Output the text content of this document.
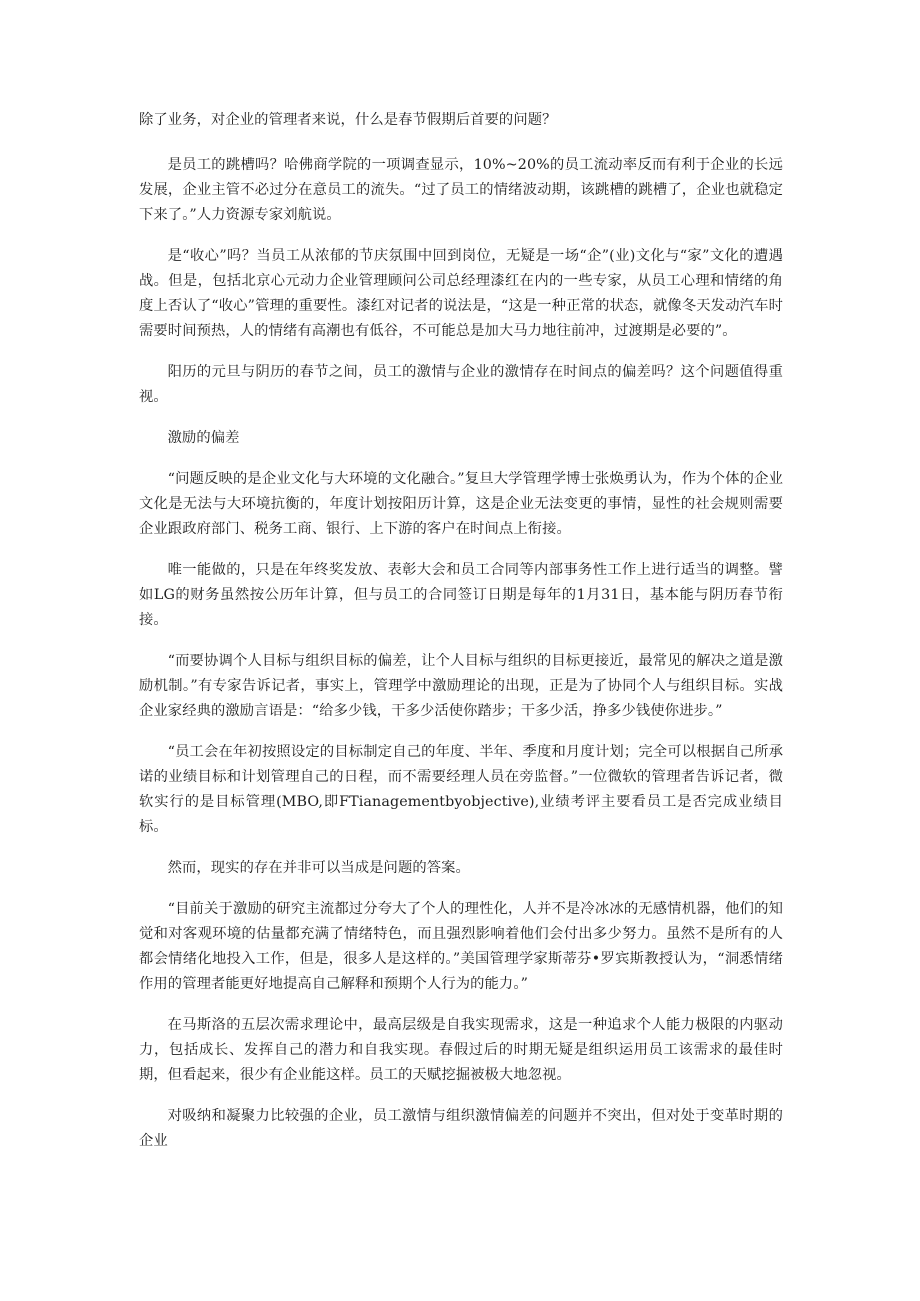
除了业务，对企业的管理者来说，什么是春节假期后首要的问题？

是员工的跳槽吗？哈佛商学院的一项调查显示，10%~20%的员工流动率反而有利于企业的长远发展，企业主管不必过分在意员工的流失。“过了员工的情绪波动期，该跳槽的跳槽了，企业也就稳定下来了。”人力资源专家刘航说。

是“收心”吗？当员工从浓郁的节庆氛围中回到岗位，无疑是一场“企”(业)文化与“家”文化的遭遇战。但是，包括北京心元动力企业管理顾问公司总经理漆红在内的一些专家，从员工心理和情绪的角度上否认了“收心”管理的重要性。漆红对记者的说法是，“这是一种正常的状态，就像冬天发动汽车时需要时间预热，人的情绪有高潮也有低谷，不可能总是加大马力地往前冲，过渡期是必要的”。

阳历的元旦与阴历的春节之间，员工的激情与企业的激情存在时间点的偏差吗？这个问题值得重视。

激励的偏差

“问题反映的是企业文化与大环境的文化融合。”复旦大学管理学博士张焕勇认为，作为个体的企业文化是无法与大环境抗衡的，年度计划按阳历计算，这是企业无法变更的事情，显性的社会规则需要企业跟政府部门、税务工商、银行、上下游的客户在时间点上衔接。

唯一能做的，只是在年终奖发放、表彰大会和员工合同等内部事务性工作上进行适当的调整。譬如LG的财务虽然按公历年计算，但与员工的合同签订日期是每年的1月31日，基本能与阴历春节衔接。

“而要协调个人目标与组织目标的偏差，让个人目标与组织的目标更接近，最常见的解决之道是激励机制。”有专家告诉记者，事实上，管理学中激励理论的出现，正是为了协同个人与组织目标。实战企业家经典的激励言语是：“给多少钱，干多少活使你踏步；干多少活，挣多少钱使你进步。”

“员工会在年初按照设定的目标制定自己的年度、半年、季度和月度计划；完全可以根据自己所承诺的业绩目标和计划管理自己的日程，而不需要经理人员在旁监督。”一位微软的管理者告诉记者，微软实行的是目标管理(MBO,即FTianagementbyobjective),业绩考评主要看员工是否完成业绩目标。

然而，现实的存在并非可以当成是问题的答案。

“目前关于激励的研究主流都过分夸大了个人的理性化，人并不是冷冰冰的无感情机器，他们的知觉和对客观环境的估量都充满了情绪特色，而且强烈影响着他们会付出多少努力。虽然不是所有的人都会情绪化地投入工作，但是，很多人是这样的。”美国管理学家斯蒂芬•罗宾斯教授认为，“洞悉情绪作用的管理者能更好地提高自己解释和预期个人行为的能力。”

在马斯洛的五层次需求理论中，最高层级是自我实现需求，这是一种追求个人能力极限的内驱动力，包括成长、发挥自己的潜力和自我实现。春假过后的时期无疑是组织运用员工该需求的最佳时期，但看起来，很少有企业能这样。员工的天赋挖掘被极大地忽视。

对吸纳和凝聚力比较强的企业，员工激情与组织激情偏差的问题并不突出，但对处于变革时期的企业
